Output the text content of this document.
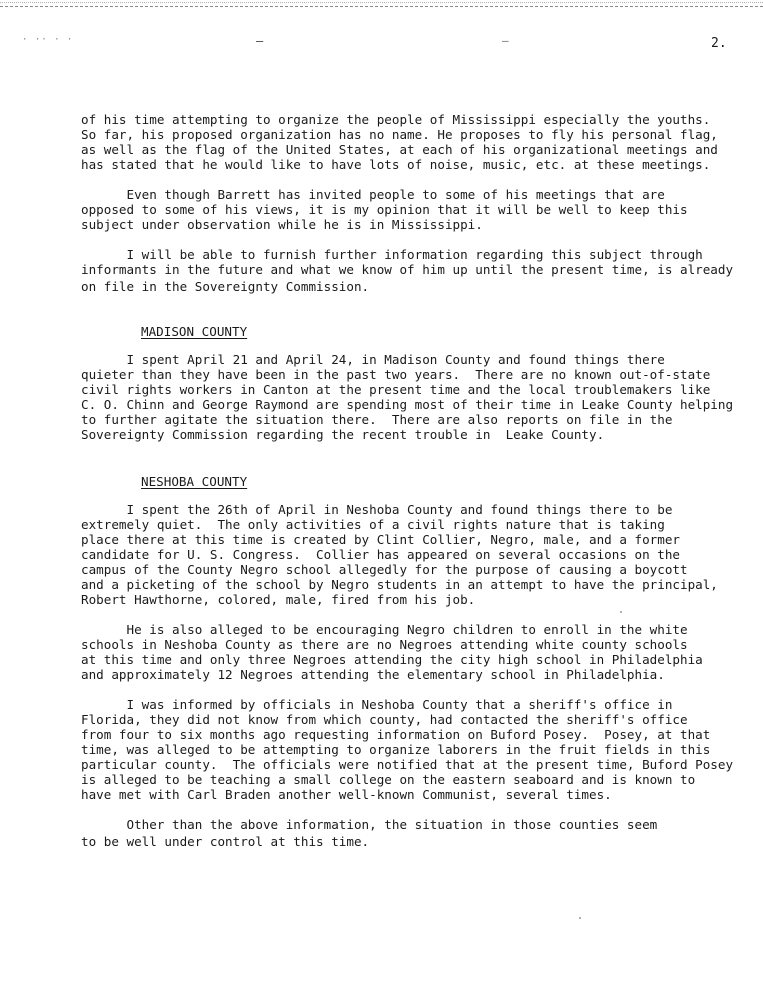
· ·· · ·	—	—	2.
of his time attempting to organize the people of Mississippi especially the youths.
So far, his proposed organization has no name. He proposes to fly his personal flag,
as well as the flag of the United States, at each of his organizational meetings and
has stated that he would like to have lots of noise, music, etc. at these meetings.
Even though Barrett has invited people to some of his meetings that are
opposed to some of his views, it is my opinion that it will be well to keep this
subject under observation while he is in Mississippi.
I will be able to furnish further information regarding this subject through
informants in the future and what we know of him up until the present time, is already
on file in the Sovereignty Commission.
MADISON COUNTY
I spent April 21 and April 24, in Madison County and found things there
quieter than they have been in the past two years.  There are no known out-of-state
civil rights workers in Canton at the present time and the local troublemakers like
C. O. Chinn and George Raymond are spending most of their time in Leake County helping
to further agitate the situation there.  There are also reports on file in the
Sovereignty Commission regarding the recent trouble in  Leake County.
NESHOBA COUNTY
I spent the 26th of April in Neshoba County and found things there to be
extremely quiet.  The only activities of a civil rights nature that is taking
place there at this time is created by Clint Collier, Negro, male, and a former
candidate for U. S. Congress.  Collier has appeared on several occasions on the
campus of the County Negro school allegedly for the purpose of causing a boycott
and a picketing of the school by Negro students in an attempt to have the principal,
Robert Hawthorne, colored, male, fired from his job.
He is also alleged to be encouraging Negro children to enroll in the white
schools in Neshoba County as there are no Negroes attending white county schools
at this time and only three Negroes attending the city high school in Philadelphia
and approximately 12 Negroes attending the elementary school in Philadelphia.
I was informed by officials in Neshoba County that a sheriff's office in
Florida, they did not know from which county, had contacted the sheriff's office
from four to six months ago requesting information on Buford Posey.  Posey, at that
time, was alleged to be attempting to organize laborers in the fruit fields in this
particular county.  The officials were notified that at the present time, Buford Posey
is alleged to be teaching a small college on the eastern seaboard and is known to
have met with Carl Braden another well-known Communist, several times.
Other than the above information, the situation in those counties seem
to be well under control at this time.
